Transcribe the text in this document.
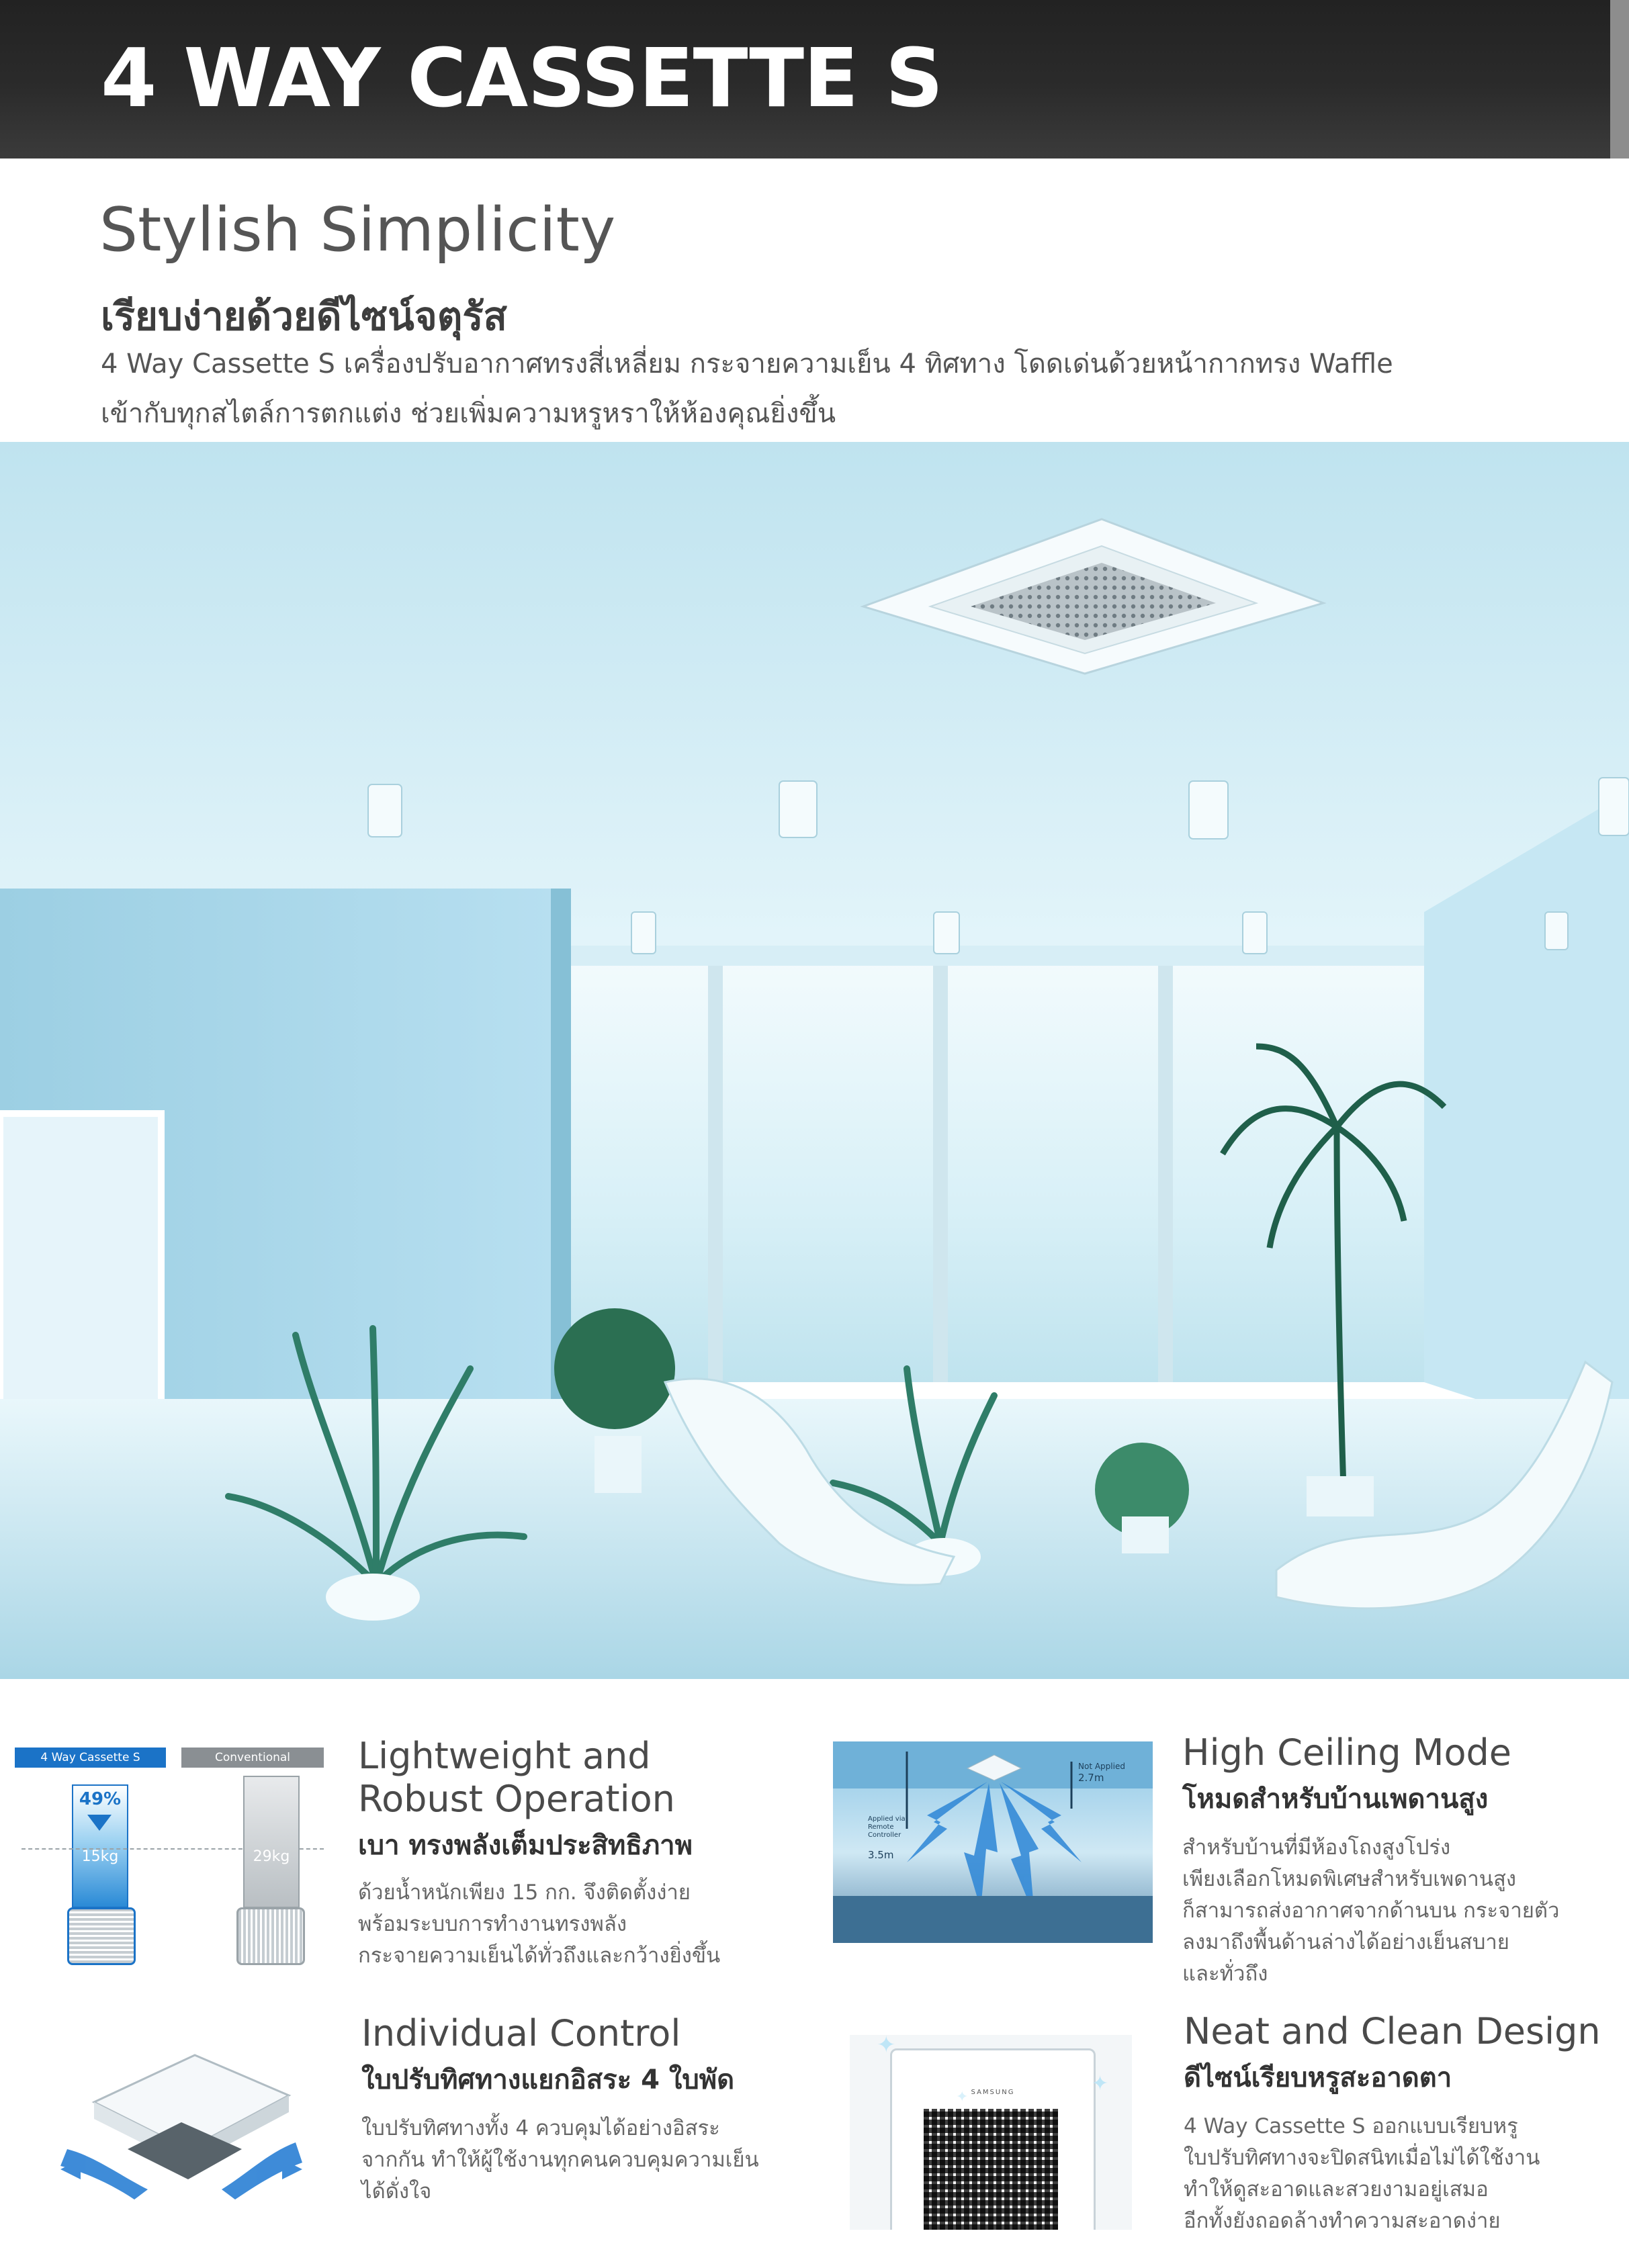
4 WAY CASSETTE S
Stylish Simplicity
เรียบง่ายด้วยดีไซน์จตุรัส
4 Way Cassette S เครื่องปรับอากาศทรงสี่เหลี่ยม กระจายความเย็น 4 ทิศทาง โดดเด่นด้วยหน้ากากทรง Waffle
เข้ากับทุกสไตล์การตกแต่ง ช่วยเพิ่มความหรูหราให้ห้องคุณยิ่งขึ้น
4 Way Cassette S	Conventional
49%
15kg	29kg
Lightweight and
Robust Operation
เบา ทรงพลังเต็มประสิทธิภาพ
ด้วยน้ำหนักเพียง 15 กก. จึงติดตั้งง่าย
พร้อมระบบการทำงานทรงพลัง
กระจายความเย็นได้ทั่วถึงและกว้างยิ่งขึ้น
Not Applied
2.7m
Applied via Remote Controller
3.5m
High Ceiling Mode
โหมดสำหรับบ้านเพดานสูง
สำหรับบ้านที่มีห้องโถงสูงโปร่ง
เพียงเลือกโหมดพิเศษสำหรับเพดานสูง
ก็สามารถส่งอากาศจากด้านบน กระจายตัว
ลงมาถึงพื้นด้านล่างได้อย่างเย็นสบาย
และทั่วถึง
Individual Control
ใบปรับทิศทางแยกอิสระ 4 ใบพัด
ใบปรับทิศทางทั้ง 4 ควบคุมได้อย่างอิสระ
จากกัน ทำให้ผู้ใช้งานทุกคนควบคุมความเย็น
ได้ดั่งใจ
SAMSUNG
✦
✦
✦
Neat and Clean Design
ดีไซน์เรียบหรูสะอาดตา
4 Way Cassette S ออกแบบเรียบหรู
ใบปรับทิศทางจะปิดสนิทเมื่อไม่ได้ใช้งาน
ทำให้ดูสะอาดและสวยงามอยู่เสมอ
อีกทั้งยังถอดล้างทำความสะอาดง่าย
